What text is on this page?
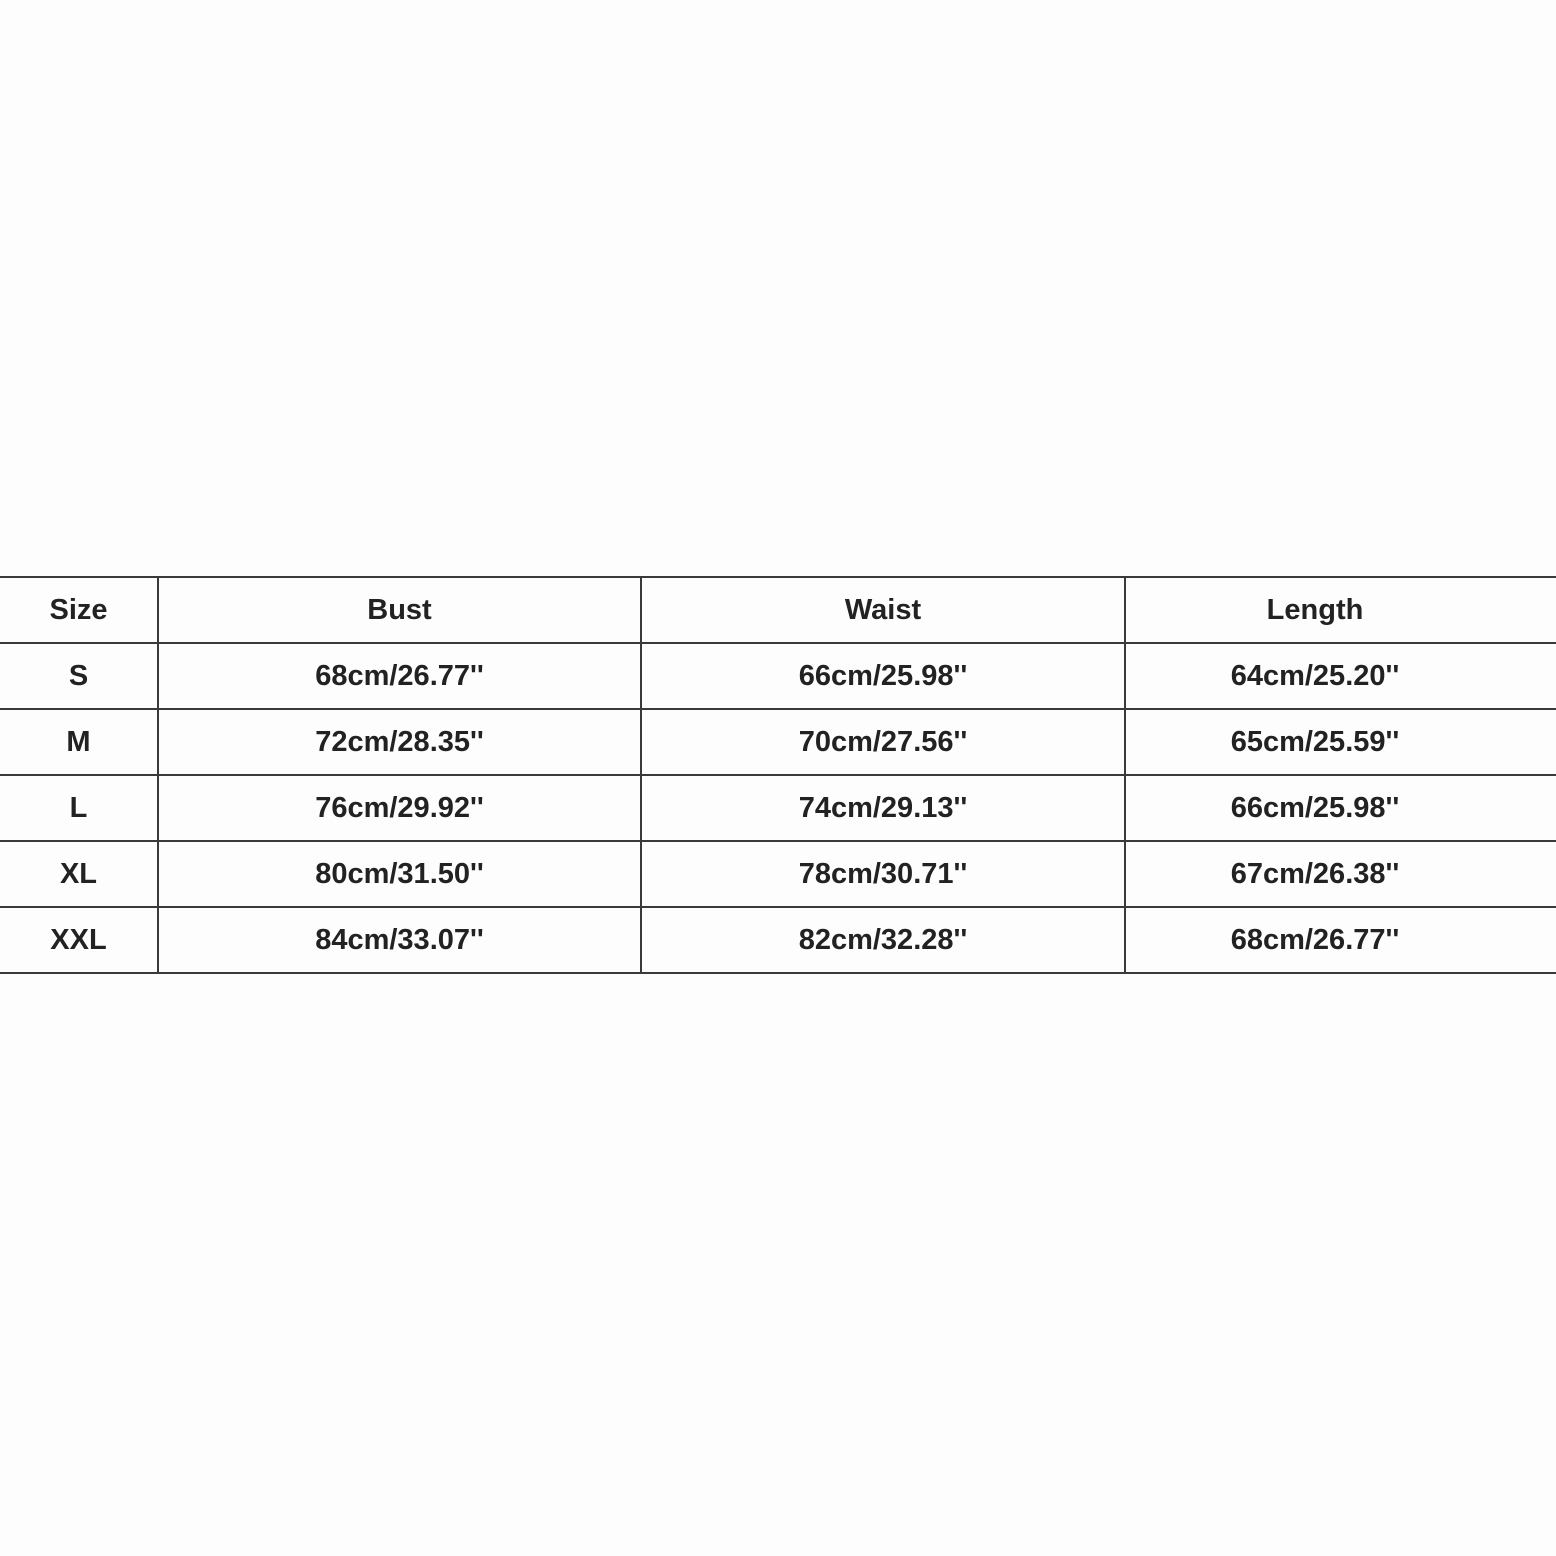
Size	Bust	Waist	Length
S	68cm/26.77''	66cm/25.98''	64cm/25.20''
M	72cm/28.35''	70cm/27.56''	65cm/25.59''
L	76cm/29.92''	74cm/29.13''	66cm/25.98''
XL	80cm/31.50''	78cm/30.71''	67cm/26.38''
XXL	84cm/33.07''	82cm/32.28''	68cm/26.77''
